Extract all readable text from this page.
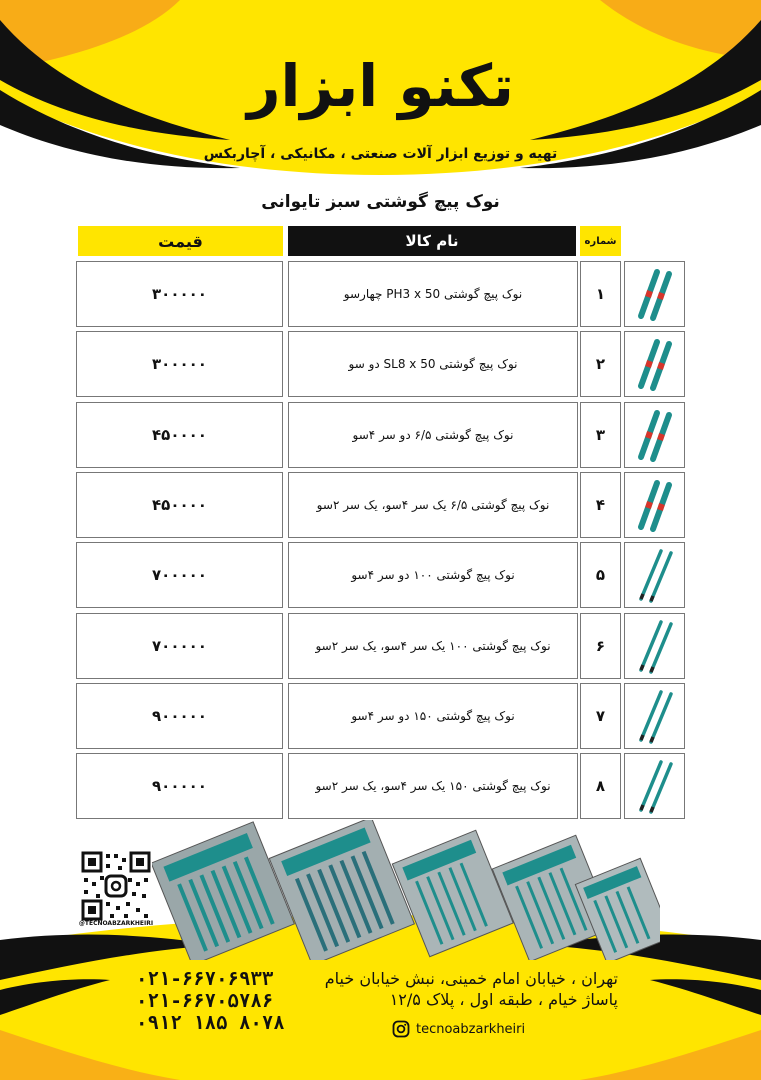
تکنو ابزار
تهیه و توزیع ابزار آلات صنعتی ، مکانیکی ، آچاربکس
نوک پیچ گوشتی سبز تایوانی
قیمت	نام کالا	شماره
۳۰۰۰۰۰	نوک پیچ گوشتی PH3 x 50 چهارسو	۱
۳۰۰۰۰۰	نوک پیچ گوشتی SL8 x 50 دو سو	۲
۴۵۰۰۰۰	نوک پیچ گوشتی ۶/۵ دو سر ۴سو	۳
۴۵۰۰۰۰	نوک پیچ گوشتی ۶/۵ یک سر ۴سو، یک سر ۲سو	۴
۷۰۰۰۰۰	نوک پیچ گوشتی ۱۰۰ دو سر ۴سو	۵
۷۰۰۰۰۰	نوک پیچ گوشتی ۱۰۰ یک سر ۴سو، یک سر ۲سو	۶
۹۰۰۰۰۰	نوک پیچ گوشتی ۱۵۰ دو سر ۴سو	۷
۹۰۰۰۰۰	نوک پیچ گوشتی ۱۵۰ یک سر ۴سو، یک سر ۲سو	۸
@TECNOABZARKHEIRI
۰۲۱-۶۶۷۰۶۹۳۳
۰۲۱-۶۶۷۰۵۷۸۶
۰۹۱۲ ۱۸۵ ۸۰۷۸
تهران ، خیابان امام خمینی، نبش خیابان خیام
پاساژ خیام ، طبقه اول ، پلاک ۱۲/۵
tecnoabzarkheiri
